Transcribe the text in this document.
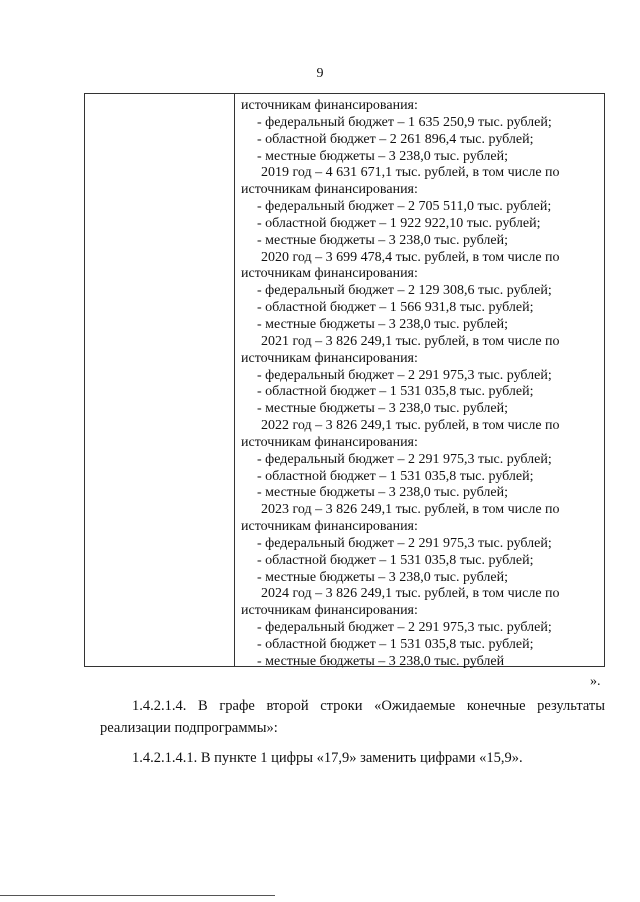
9
источникам финансирования:
- федеральный бюджет – 1 635 250,9 тыс. рублей;
- областной бюджет – 2 261 896,4 тыс. рублей;
- местные бюджеты – 3 238,0 тыс. рублей;
2019 год – 4 631 671,1 тыс. рублей, в том числе по
источникам финансирования:
- федеральный бюджет – 2 705 511,0 тыс. рублей;
- областной бюджет – 1 922 922,10 тыс. рублей;
- местные бюджеты – 3 238,0 тыс. рублей;
2020 год – 3 699 478,4 тыс. рублей, в том числе по
источникам финансирования:
- федеральный бюджет – 2 129 308,6 тыс. рублей;
- областной бюджет – 1 566 931,8 тыс. рублей;
- местные бюджеты – 3 238,0 тыс. рублей;
2021 год – 3 826 249,1 тыс. рублей, в том числе по
источникам финансирования:
- федеральный бюджет – 2 291 975,3 тыс. рублей;
- областной бюджет – 1 531 035,8 тыс. рублей;
- местные бюджеты – 3 238,0 тыс. рублей;
2022 год – 3 826 249,1 тыс. рублей, в том числе по
источникам финансирования:
- федеральный бюджет – 2 291 975,3 тыс. рублей;
- областной бюджет – 1 531 035,8 тыс. рублей;
- местные бюджеты – 3 238,0 тыс. рублей;
2023 год – 3 826 249,1 тыс. рублей, в том числе по
источникам финансирования:
- федеральный бюджет – 2 291 975,3 тыс. рублей;
- областной бюджет – 1 531 035,8 тыс. рублей;
- местные бюджеты – 3 238,0 тыс. рублей;
2024 год – 3 826 249,1 тыс. рублей, в том числе по
источникам финансирования:
- федеральный бюджет – 2 291 975,3 тыс. рублей;
- областной бюджет – 1 531 035,8 тыс. рублей;
- местные бюджеты – 3 238,0 тыс. рублей
».
1.4.2.1.4. В графе второй строки «Ожидаемые конечные результаты реализации подпрограммы»:
1.4.2.1.4.1. В пункте 1 цифры «17,9» заменить цифрами «15,9».
